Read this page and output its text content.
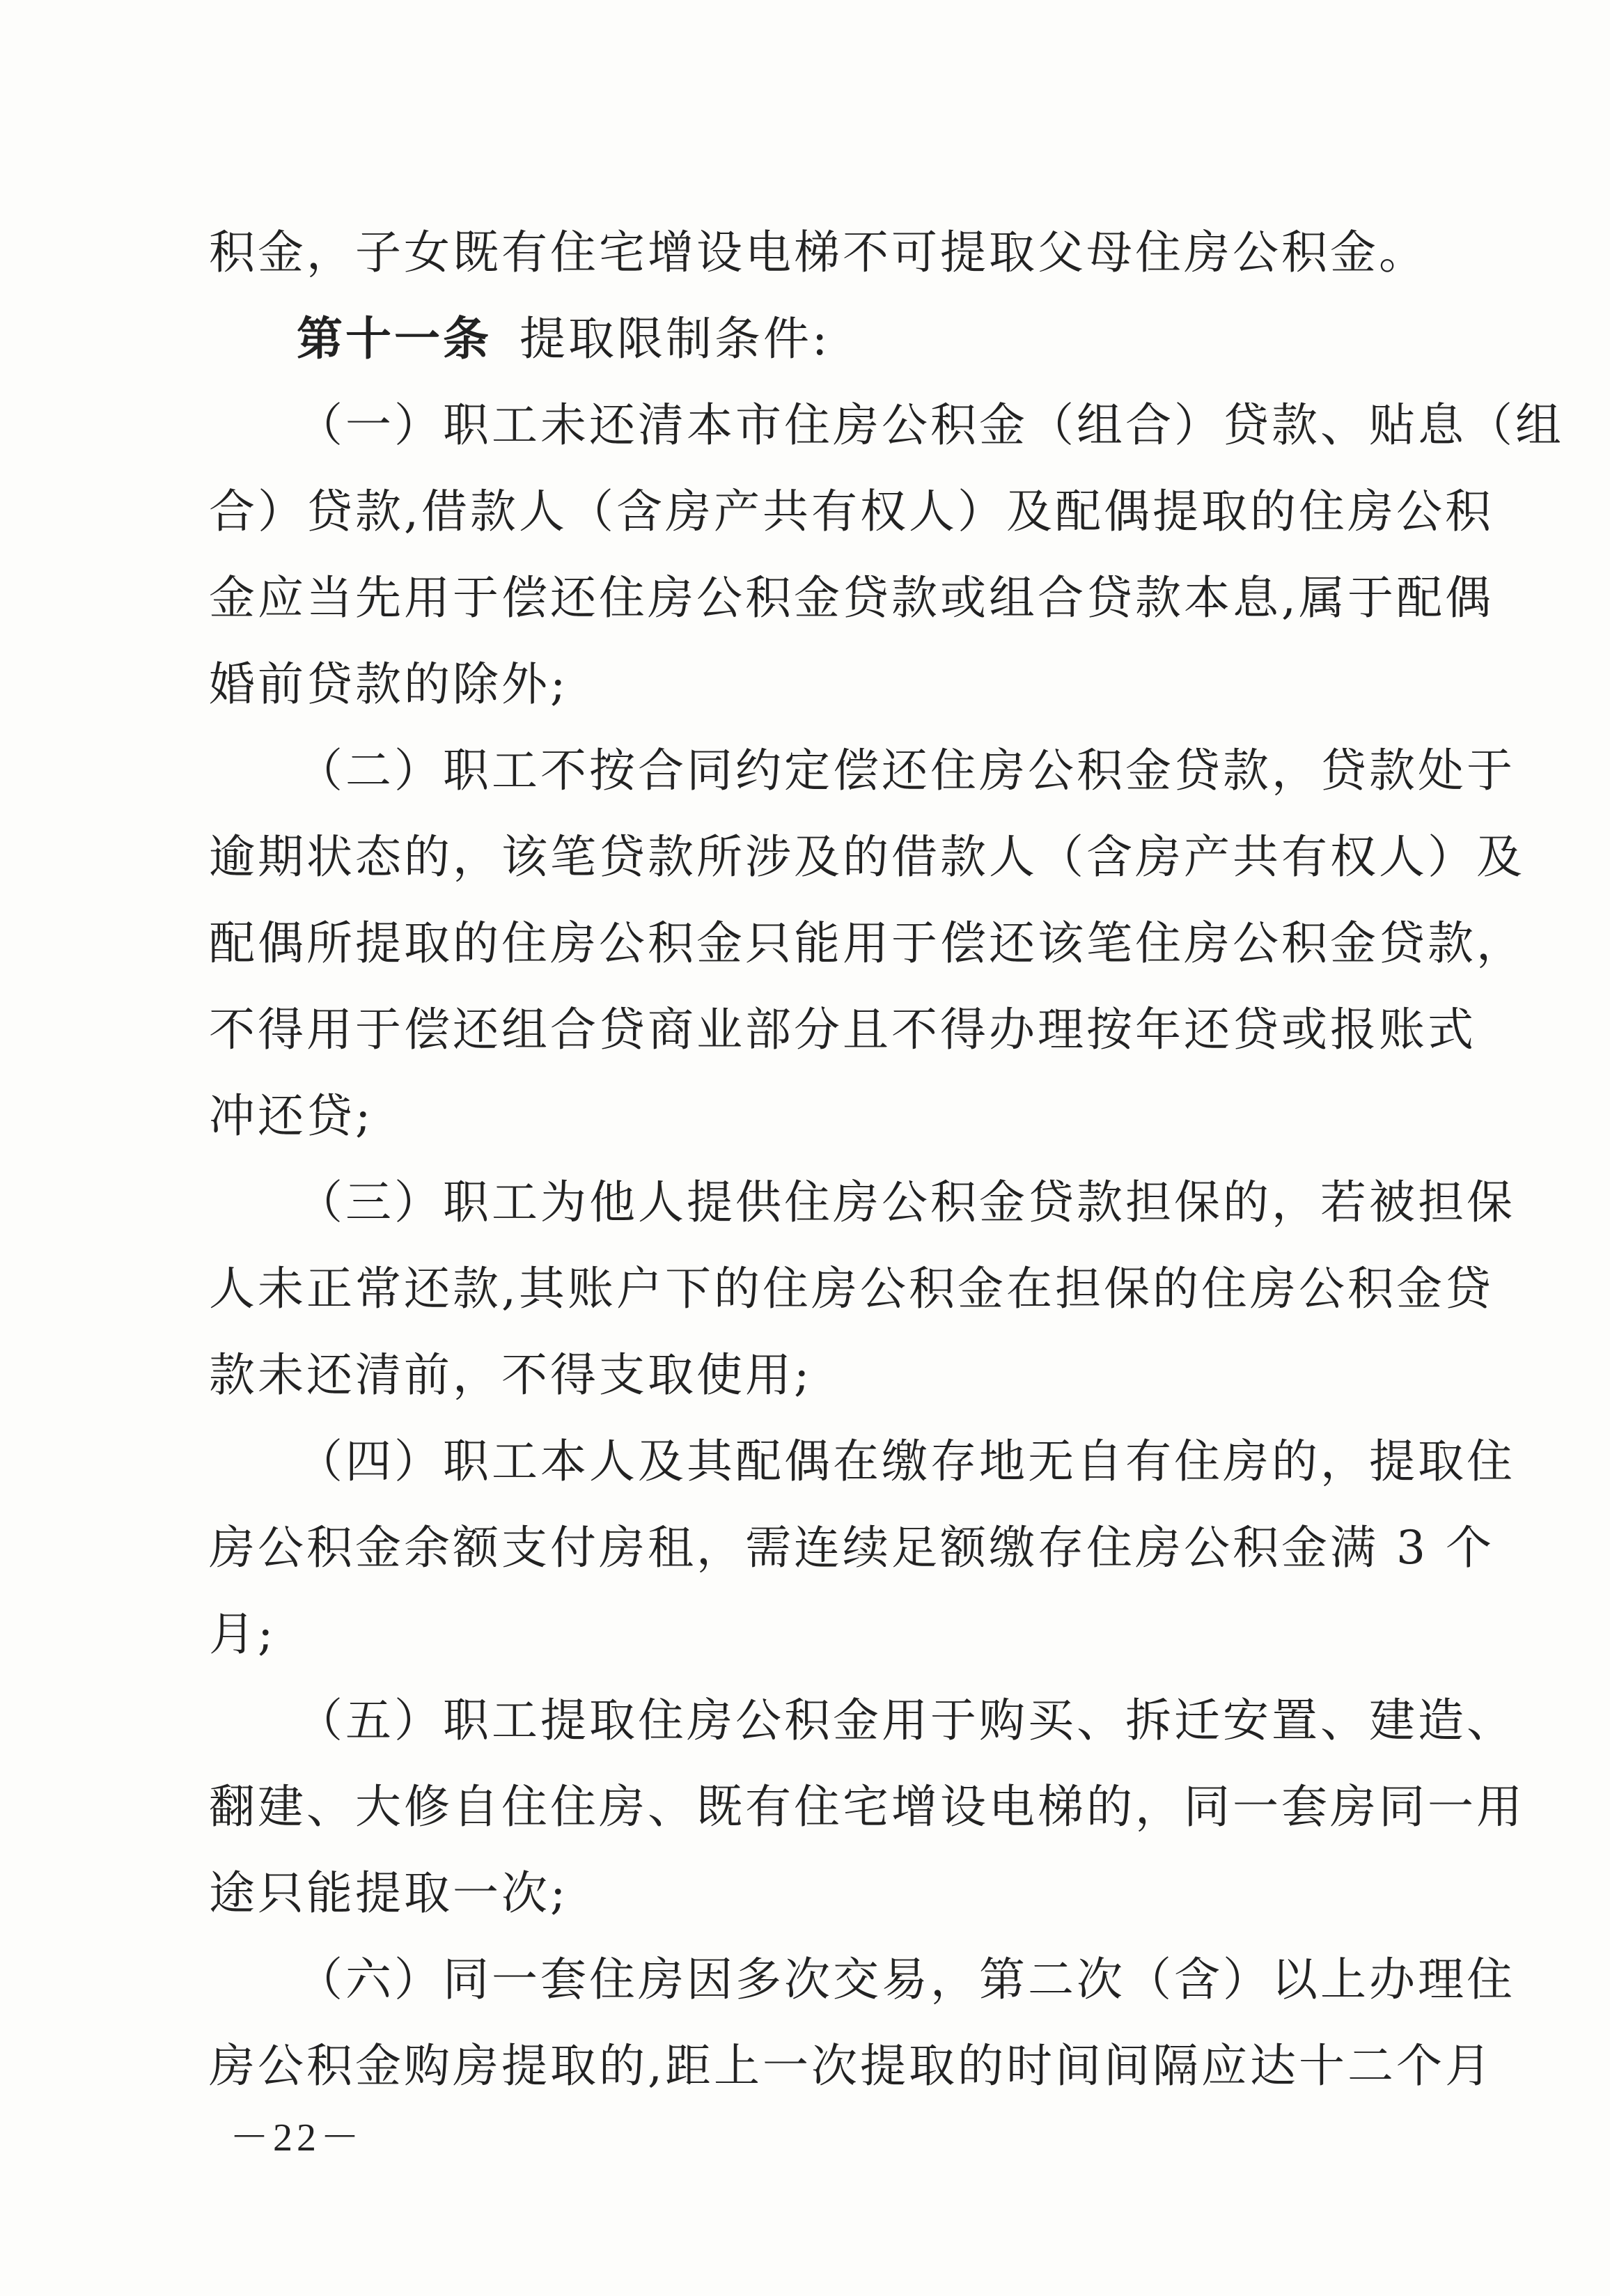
积金，子女既有住宅增设电梯不可提取父母住房公积金。
第十一条 提取限制条件:
（一）职工未还清本市住房公积金（组合）贷款、贴息（组
合）贷款,借款人（含房产共有权人）及配偶提取的住房公积
金应当先用于偿还住房公积金贷款或组合贷款本息,属于配偶
婚前贷款的除外;
（二）职工不按合同约定偿还住房公积金贷款，贷款处于
逾期状态的，该笔贷款所涉及的借款人（含房产共有权人）及
配偶所提取的住房公积金只能用于偿还该笔住房公积金贷款，
不得用于偿还组合贷商业部分且不得办理按年还贷或报账式
冲还贷;
（三）职工为他人提供住房公积金贷款担保的，若被担保
人未正常还款,其账户下的住房公积金在担保的住房公积金贷
款未还清前，不得支取使用;
（四）职工本人及其配偶在缴存地无自有住房的，提取住
房公积金余额支付房租，需连续足额缴存住房公积金满 3 个
月;
（五）职工提取住房公积金用于购买、拆迁安置、建造、
翻建、大修自住住房、既有住宅增设电梯的，同一套房同一用
途只能提取一次;
（六）同一套住房因多次交易，第二次（含）以上办理住
房公积金购房提取的,距上一次提取的时间间隔应达十二个月
－22－
